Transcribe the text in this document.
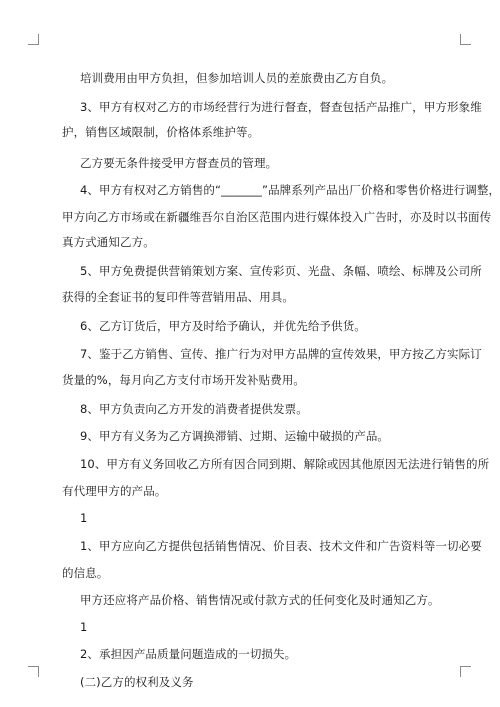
培训费用由甲方负担，但参加培训人员的差旅费由乙方自负。
3、甲方有权对乙方的市场经营行为进行督查，督查包括产品推广，甲方形象维
护，销售区域限制，价格体系维护等。
乙方要无条件接受甲方督查员的管理。
4、甲方有权对乙方销售的“_______”品牌系列产品出厂价格和零售价格进行调整，
甲方向乙方市场或在新疆维吾尔自治区范围内进行媒体投入广告时，亦及时以书面传
真方式通知乙方。
5、甲方免费提供营销策划方案、宣传彩页、光盘、条幅、喷绘、标牌及公司所
获得的全套证书的复印件等营销用品、用具。
6、乙方订货后，甲方及时给予确认，并优先给予供货。
7、鉴于乙方销售、宣传、推广行为对甲方品牌的宣传效果，甲方按乙方实际订
货量的%，每月向乙方支付市场开发补贴费用。
8、甲方负责向乙方开发的消费者提供发票。
9、甲方有义务为乙方调换滞销、过期、运输中破损的产品。
10、甲方有义务回收乙方所有因合同到期、解除或因其他原因无法进行销售的所
有代理甲方的产品。
1
1、甲方应向乙方提供包括销售情况、价目表、技术文件和广告资料等一切必要
的信息。
甲方还应将产品价格、销售情况或付款方式的任何变化及时通知乙方。
1
2、承担因产品质量问题造成的一切损失。
(二)乙方的权利及义务
